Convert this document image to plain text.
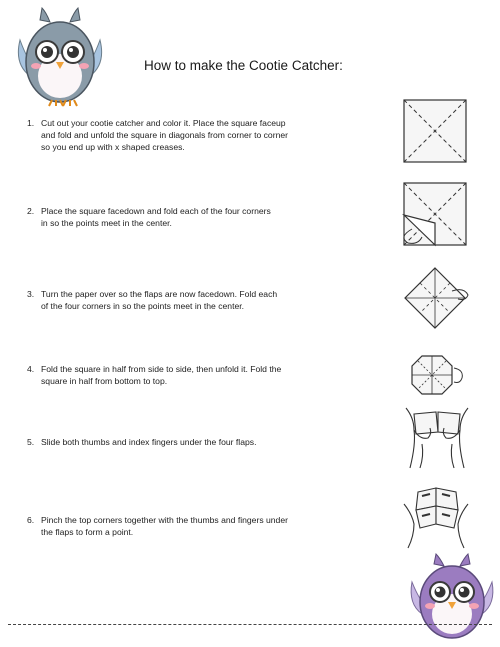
How to make the Cootie Catcher:
1. Cut out your cootie catcher and color it. Place the square faceup
and fold and unfold the square in diagonals from corner to corner
so you end up with x shaped creases.
2. Place the square facedown and fold each of the four corners
in so the points meet in the center.
3. Turn the paper over so the flaps are now facedown. Fold each
of the four corners in so the points meet in the center.
4. Fold the square in half from side to side, then unfold it. Fold the
square in half from bottom to top.
5. Slide both thumbs and index fingers under the four flaps.
6. Pinch the top corners together with the thumbs and fingers under
the flaps to form a point.
